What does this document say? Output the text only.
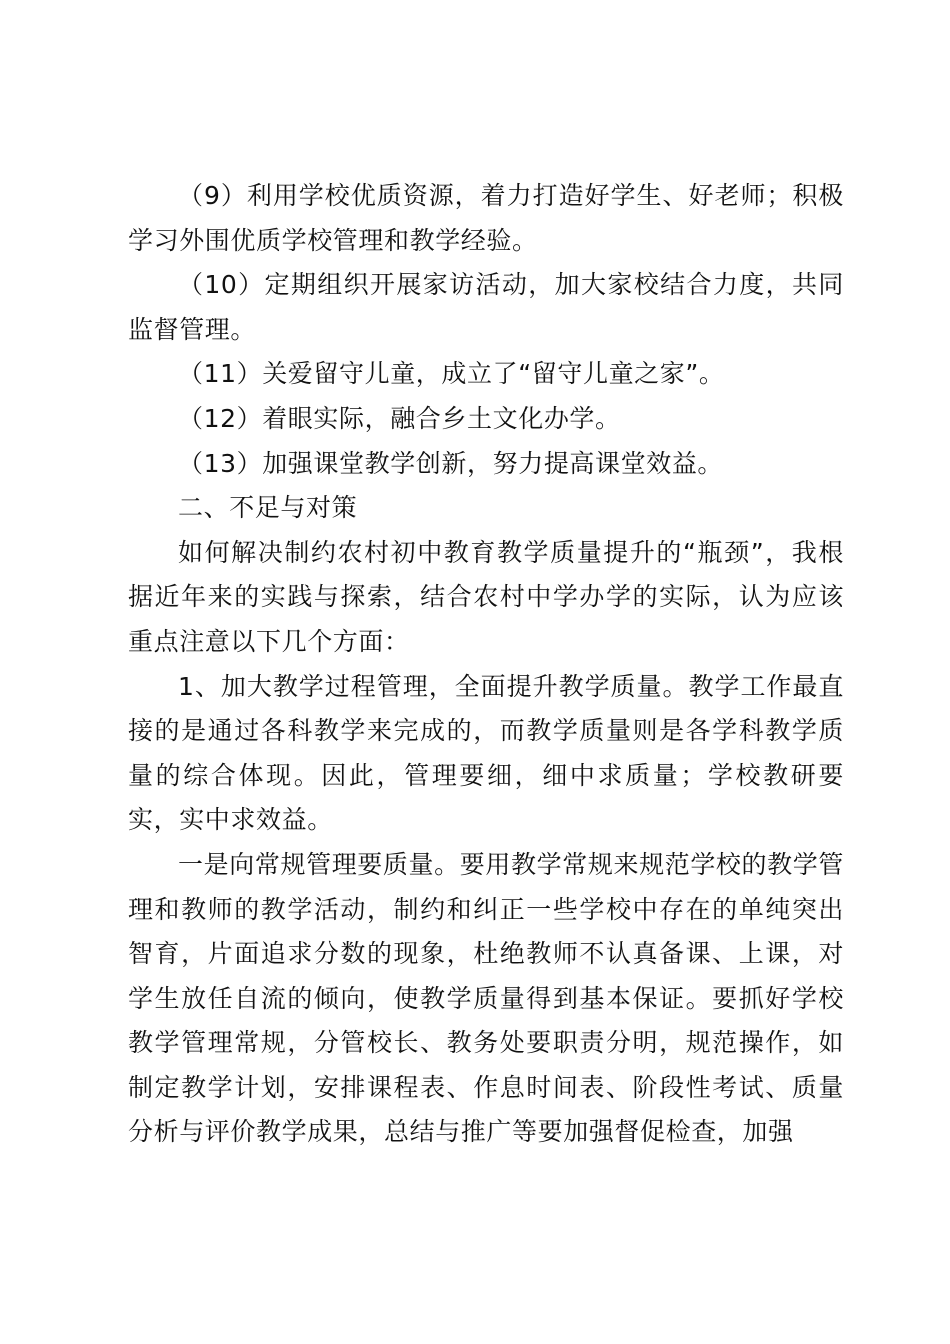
（9）利用学校优质资源，着力打造好学生、好老师；积极学习外围优质学校管理和教学经验。

（10）定期组织开展家访活动，加大家校结合力度，共同监督管理。

（11）关爱留守儿童，成立了“留守儿童之家”。

（12）着眼实际，融合乡土文化办学。

（13）加强课堂教学创新，努力提高课堂效益。

二、不足与对策

如何解决制约农村初中教育教学质量提升的“瓶颈”，我根据近年来的实践与探索，结合农村中学办学的实际，认为应该重点注意以下几个方面：

1、加大教学过程管理，全面提升教学质量。教学工作最直接的是通过各科教学来完成的，而教学质量则是各学科教学质量的综合体现。因此，管理要细，细中求质量；学校教研要实，实中求效益。

一是向常规管理要质量。要用教学常规来规范学校的教学管理和教师的教学活动，制约和纠正一些学校中存在的单纯突出智育，片面追求分数的现象，杜绝教师不认真备课、上课，对学生放任自流的倾向，使教学质量得到基本保证。要抓好学校教学管理常规，分管校长、教务处要职责分明，规范操作，如制定教学计划，安排课程表、作息时间表、阶段性考试、质量分析与评价教学成果，总结与推广等要加强督促检查，加强
